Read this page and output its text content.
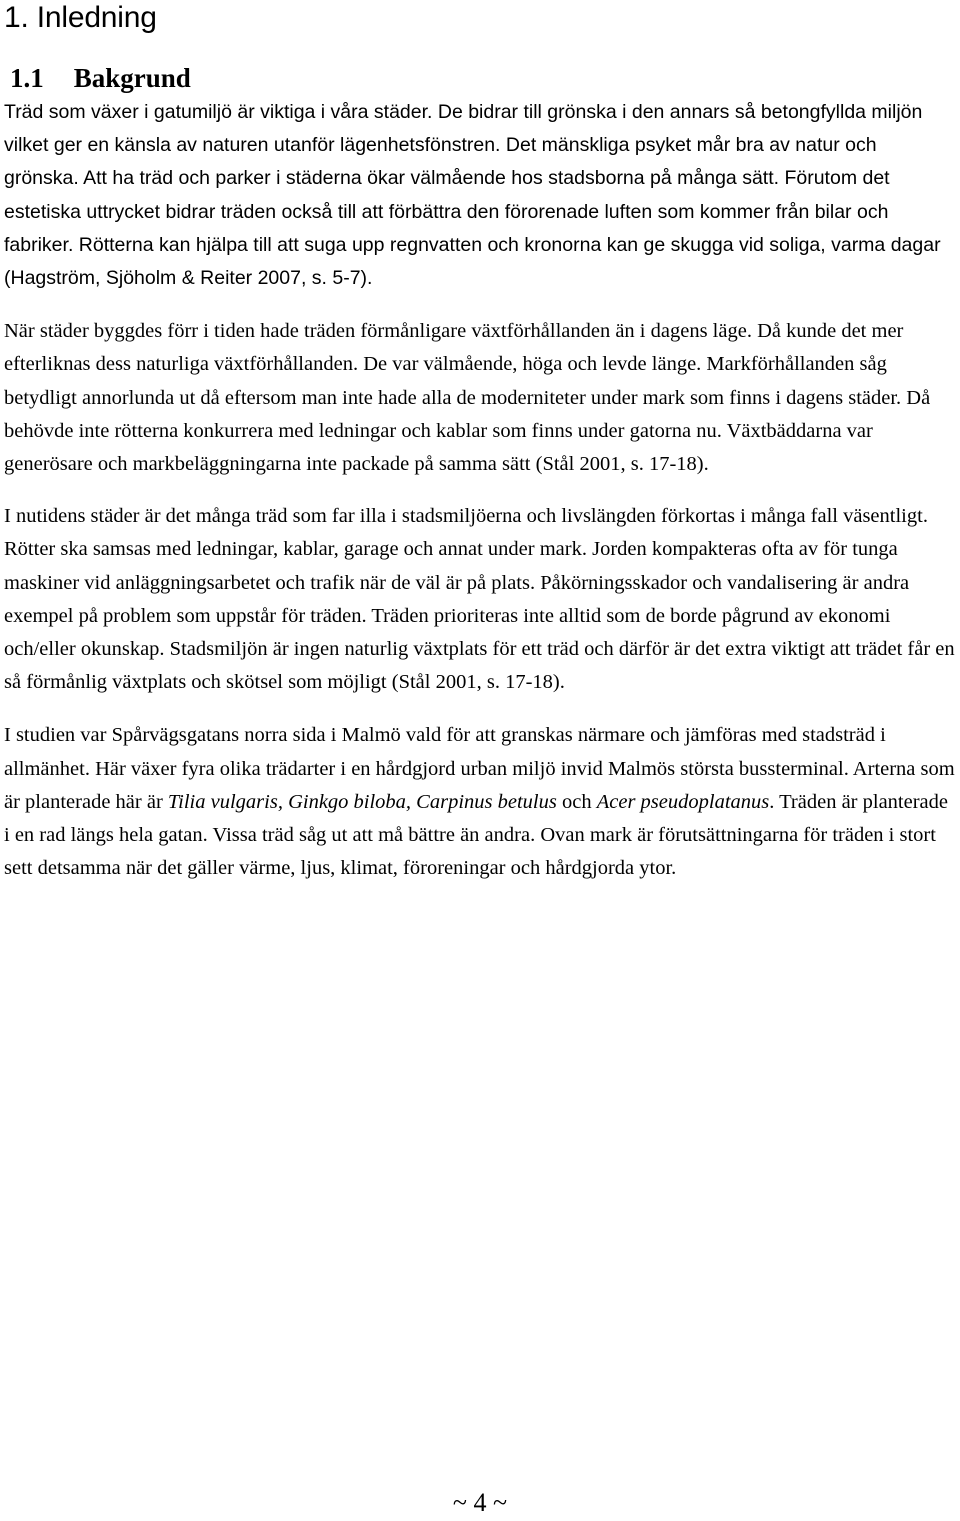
1. Inledning
1.1 Bakgrund

Träd som växer i gatumiljö är viktiga i våra städer. De bidrar till grönska i den annars så betongfyllda miljön vilket ger en känsla av naturen utanför lägenhetsfönstren. Det mänskliga psyket mår bra av natur och grönska. Att ha träd och parker i städerna ökar välmående hos stadsborna på många sätt. Förutom det estetiska uttrycket bidrar träden också till att förbättra den förorenade luften som kommer från bilar och fabriker. Rötterna kan hjälpa till att suga upp regnvatten och kronorna kan ge skugga vid soliga, varma dagar (Hagström, Sjöholm & Reiter 2007, s. 5-7).

När städer byggdes förr i tiden hade träden förmånligare växtförhållanden än i dagens läge. Då kunde det mer efterliknas dess naturliga växtförhållanden. De var välmående, höga och levde länge. Markförhållanden såg betydligt annorlunda ut då eftersom man inte hade alla de moderniteter under mark som finns i dagens städer. Då behövde inte rötterna konkurrera med ledningar och kablar som finns under gatorna nu. Växtbäddarna var generösare och markbeläggningarna inte packade på samma sätt (Stål 2001, s. 17-18).

I nutidens städer är det många träd som far illa i stadsmiljöerna och livslängden förkortas i många fall väsentligt. Rötter ska samsas med ledningar, kablar, garage och annat under mark. Jorden kompakteras ofta av för tunga maskiner vid anläggningsarbetet och trafik när de väl är på plats. Påkörningsskador och vandalisering är andra exempel på problem som uppstår för träden. Träden prioriteras inte alltid som de borde pågrund av ekonomi och/eller okunskap. Stadsmiljön är ingen naturlig växtplats för ett träd och därför är det extra viktigt att trädet får en så förmånlig växtplats och skötsel som möjligt (Stål 2001, s. 17-18).

I studien var Spårvägsgatans norra sida i Malmö vald för att granskas närmare och jämföras med stadsträd i allmänhet. Här växer fyra olika trädarter i en hårdgjord urban miljö invid Malmös största bussterminal. Arterna som är planterade här är Tilia vulgaris, Ginkgo biloba, Carpinus betulus och Acer pseudoplatanus. Träden är planterade i en rad längs hela gatan. Vissa träd såg ut att må bättre än andra. Ovan mark är förutsättningarna för träden i stort sett detsamma när det gäller värme, ljus, klimat, föroreningar och hårdgjorda ytor.

~ 4 ~
